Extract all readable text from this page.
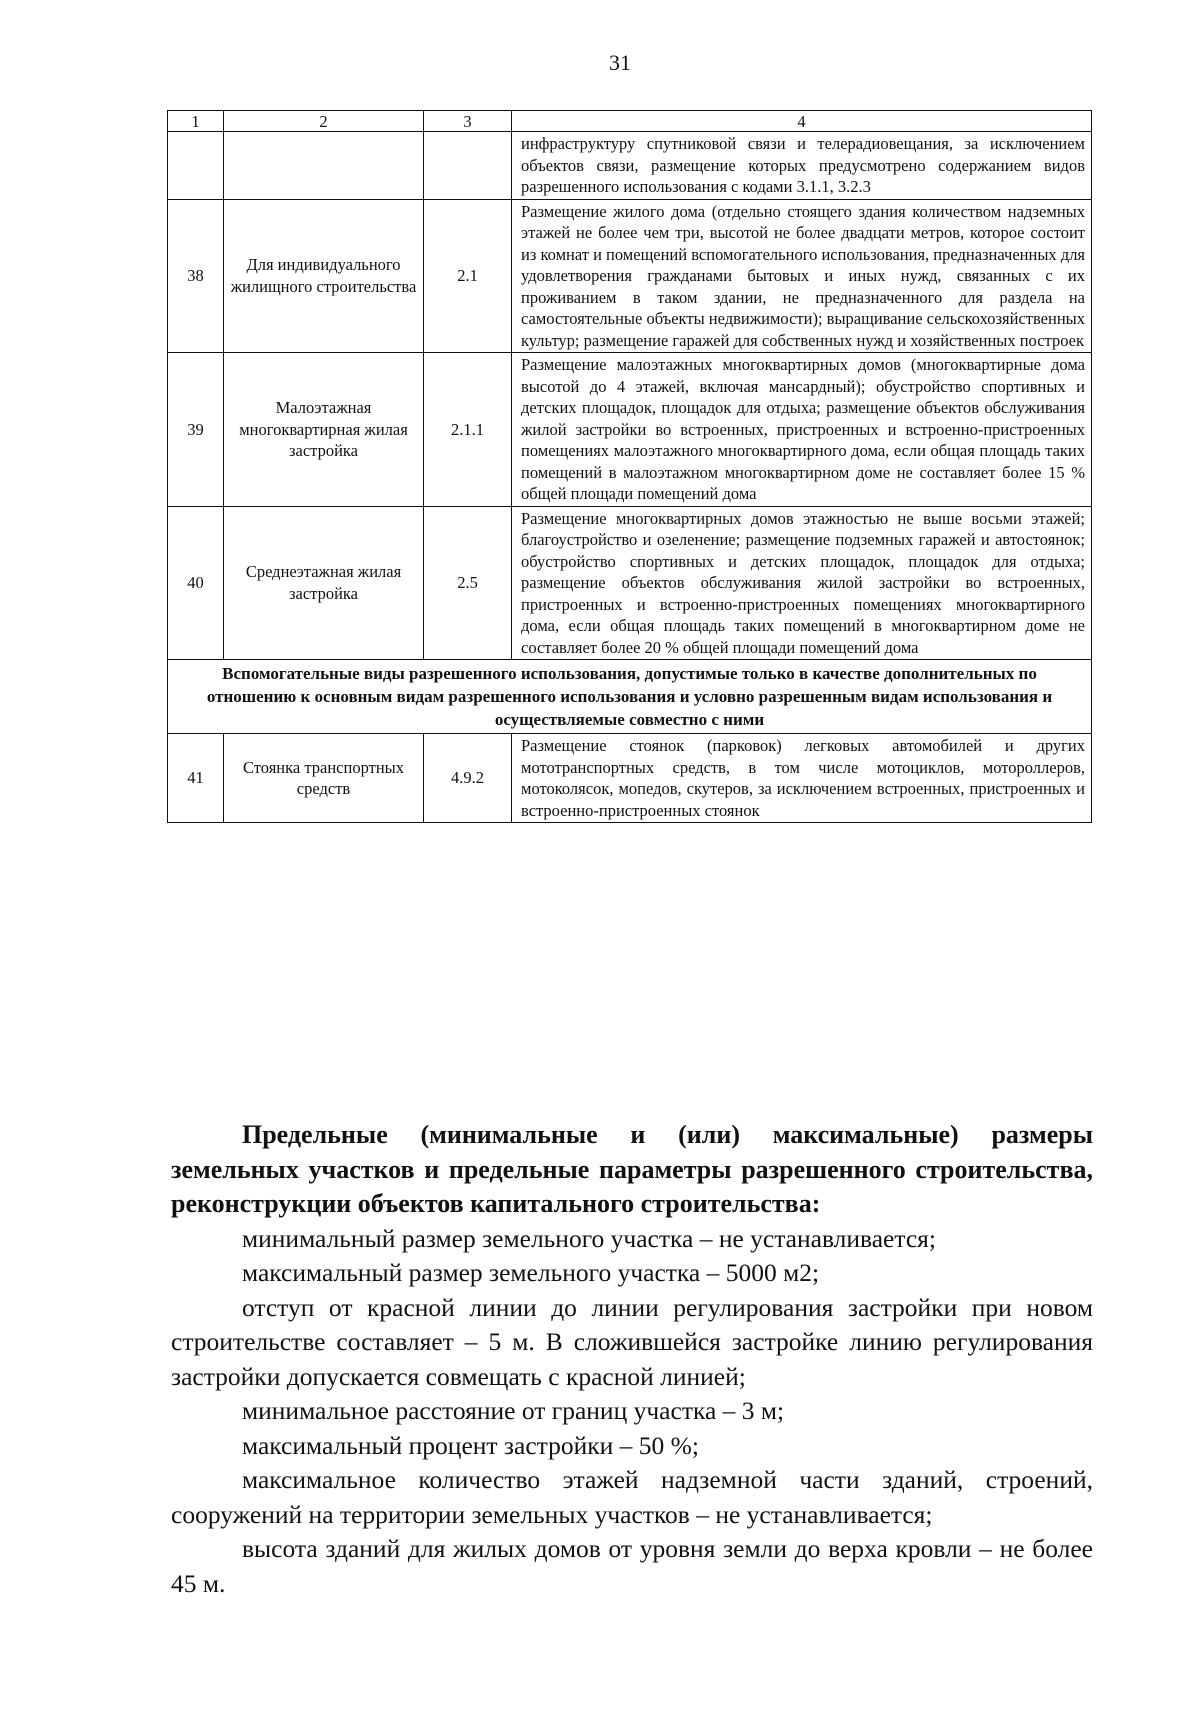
31
1	2	3	4
			инфраструктуру спутниковой связи и телерадиовещания, за исключением объектов связи, размещение которых предусмотрено содержанием видов разрешенного использования с кодами 3.1.1, 3.2.3
38	Для индивидуального жилищного строительства	2.1	Размещение жилого дома (отдельно стоящего здания количеством надземных этажей не более чем три, высотой не более двадцати метров, которое состоит из комнат и помещений вспомогательного использования, предназначенных для удовлетворения гражданами бытовых и иных нужд, связанных с их проживанием в таком здании, не предназначенного для раздела на самостоятельные объекты недвижимости); выращивание сельскохозяйственных культур; размещение гаражей для собственных нужд и хозяйственных построек
39	Малоэтажная многоквартирная жилая застройка	2.1.1	Размещение малоэтажных многоквартирных домов (многоквартирные дома высотой до 4 этажей, включая мансардный); обустройство спортивных и детских площадок, площадок для отдыха; размещение объектов обслуживания жилой застройки во встроенных, пристроенных и встроенно-пристроенных помещениях малоэтажного многоквартирного дома, если общая площадь таких помещений в малоэтажном многоквартирном доме не составляет более 15 % общей площади помещений дома
40	Среднеэтажная жилая застройка	2.5	Размещение многоквартирных домов этажностью не выше восьми этажей; благоустройство и озеленение; размещение подземных гаражей и автостоянок; обустройство спортивных и детских площадок, площадок для отдыха; размещение объектов обслуживания жилой застройки во встроенных, пристроенных и встроенно-пристроенных помещениях многоквартирного дома, если общая площадь таких помещений в многоквартирном доме не составляет более 20 % общей площади помещений дома
Вспомогательные виды разрешенного использования, допустимые только в качестве дополнительных по отношению к основным видам разрешенного использования и условно разрешенным видам использования и осуществляемые совместно с ними			
41	Стоянка транспортных средств	4.9.2	Размещение стоянок (парковок) легковых автомобилей и других мототранспортных средств, в том числе мотоциклов, мотороллеров, мотоколясок, мопедов, скутеров, за исключением встроенных, пристроенных и встроенно-пристроенных стоянок

Предельные (минимальные и (или) максимальные) размеры земельных участков и предельные параметры разрешенного строительства, реконструкции объектов капитального строительства:

минимальный размер земельного участка – не устанавливается;

максимальный размер земельного участка – 5000 м2;

отступ от красной линии до линии регулирования застройки при новом строительстве составляет – 5 м. В сложившейся застройке линию регулирования застройки допускается совмещать с красной линией;

минимальное расстояние от границ участка – 3 м;

максимальный процент застройки – 50 %;

максимальное количество этажей надземной части зданий, строений, сооружений на территории земельных участков – не устанавливается;

высота зданий для жилых домов от уровня земли до верха кровли – не более 45 м.
